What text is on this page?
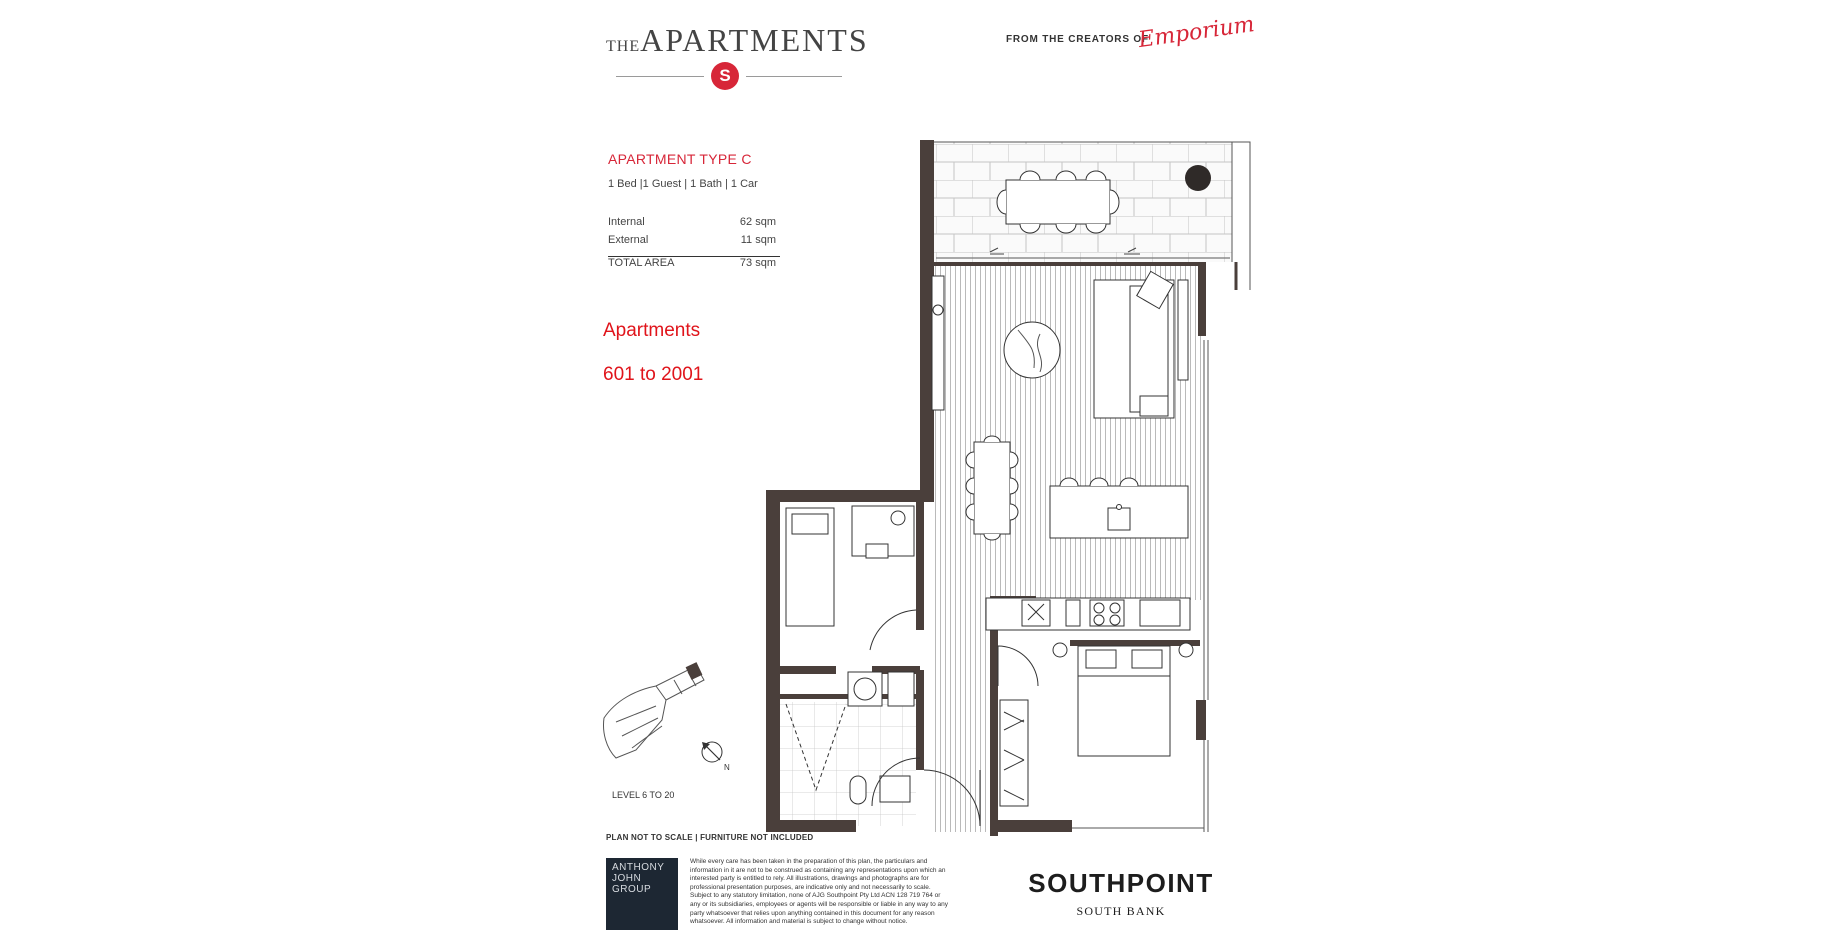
THEAPARTMENTS
S
FROM THE CREATORS OF
Emporium
APARTMENT TYPE C
1 Bed |1 Guest | 1 Bath | 1 Car
Internal	62 sqm
External	11 sqm
TOTAL AREA	73 sqm
Apartments
601 to 2001
N
LEVEL 6 TO 20
PLAN NOT TO SCALE | FURNITURE NOT INCLUDED
ANTHONY
JOHN
GROUP
While every care has been taken in the preparation of this plan, the particulars and information in it are not to be construed as containing any representations upon which an interested party is entitled to rely. All illustrations, drawings and photographs are for professional presentation purposes, are indicative only and not necessarily to scale. Subject to any statutory limitation, none of AJG Southpoint Pty Ltd ACN 128 719 764 or any or its subsidiaries, employees or agents will be responsible or liable in any way to any party whatsoever that relies upon anything contained in this document for any reason whatsoever. All information and material is subject to change without notice.
SOUTHPOINT
SOUTH BANK
